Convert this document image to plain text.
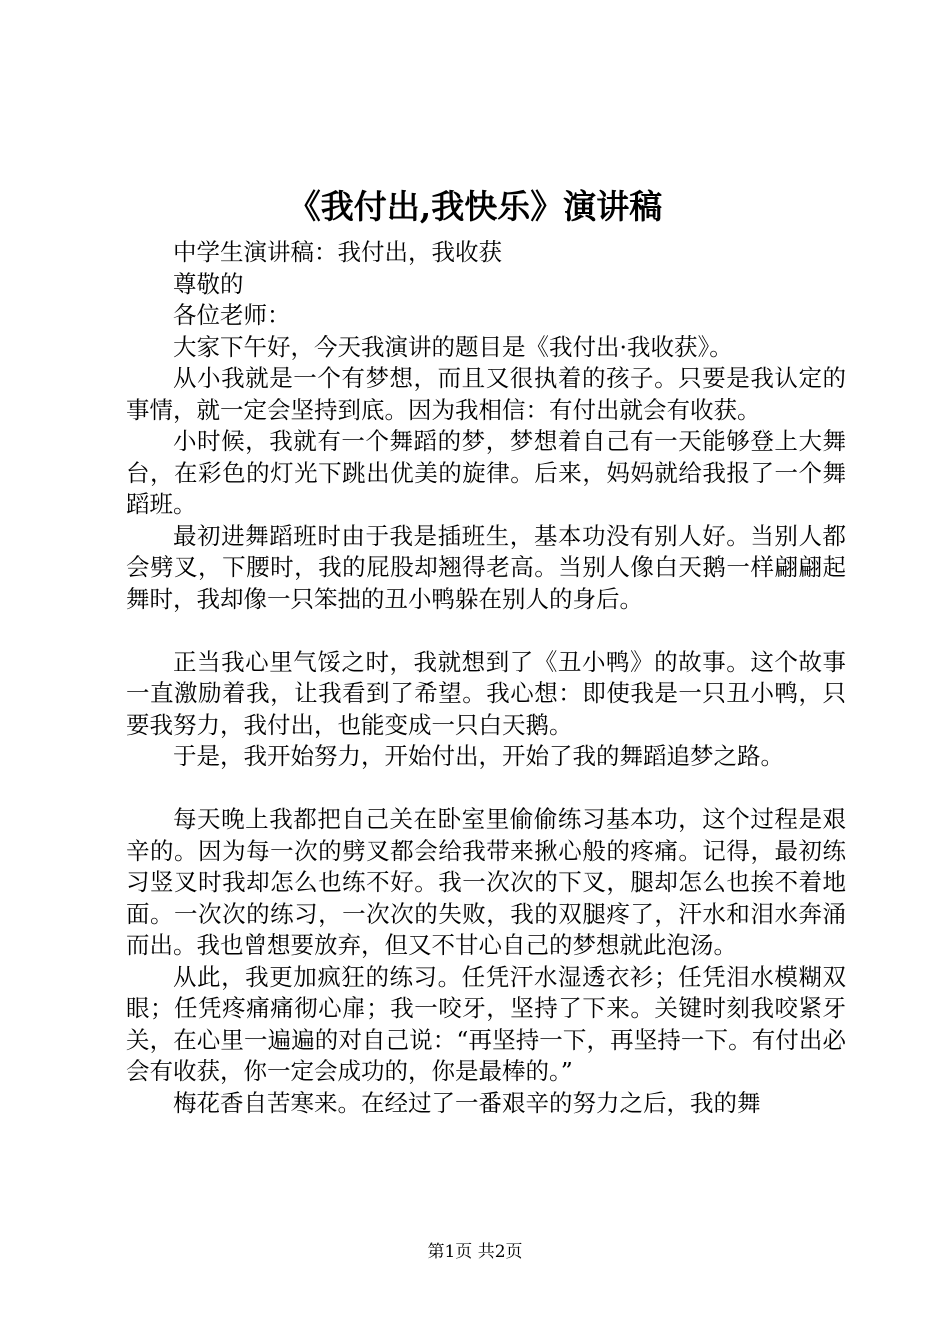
《我付出,我快乐》演讲稿

中学生演讲稿：我付出，我收获

尊敬的

各位老师：

大家下午好，今天我演讲的题目是《我付出·我收获》。

从小我就是一个有梦想，而且又很执着的孩子。只要是我认定的事情，就一定会坚持到底。因为我相信：有付出就会有收获。

小时候，我就有一个舞蹈的梦，梦想着自己有一天能够登上大舞台，在彩色的灯光下跳出优美的旋律。后来，妈妈就给我报了一个舞蹈班。

最初进舞蹈班时由于我是插班生，基本功没有别人好。当别人都会劈叉，下腰时，我的屁股却翘得老高。当别人像白天鹅一样翩翩起舞时，我却像一只笨拙的丑小鸭躲在别人的身后。

正当我心里气馁之时，我就想到了《丑小鸭》的故事。这个故事一直激励着我，让我看到了希望。我心想：即使我是一只丑小鸭，只要我努力，我付出，也能变成一只白天鹅。

于是，我开始努力，开始付出，开始了我的舞蹈追梦之路。

每天晚上我都把自己关在卧室里偷偷练习基本功，这个过程是艰辛的。因为每一次的劈叉都会给我带来揪心般的疼痛。记得，最初练习竖叉时我却怎么也练不好。我一次次的下叉，腿却怎么也挨不着地面。一次次的练习，一次次的失败，我的双腿疼了，汗水和泪水奔涌而出。我也曾想要放弃，但又不甘心自己的梦想就此泡汤。

从此，我更加疯狂的练习。任凭汗水湿透衣衫；任凭泪水模糊双眼；任凭疼痛痛彻心扉；我一咬牙，坚持了下来。关键时刻我咬紧牙关，在心里一遍遍的对自己说：“再坚持一下，再坚持一下。有付出必会有收获，你一定会成功的，你是最棒的。”

梅花香自苦寒来。在经过了一番艰辛的努力之后，我的舞

第1页 共2页
